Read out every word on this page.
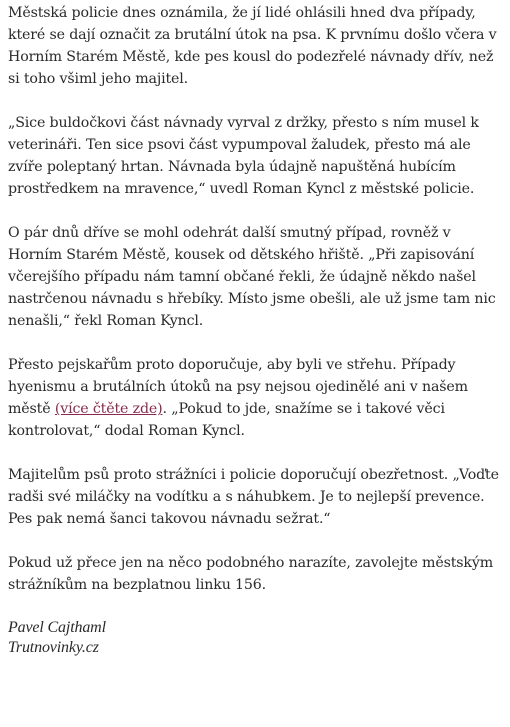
Městská policie dnes oznámila, že jí lidé ohlásili hned dva případy, které se dají označit za brutální útok na psa. K prvnímu došlo včera v Horním Starém Městě, kde pes kousl do podezřelé návnady dřív, než si toho všiml jeho majitel.

„Sice buldočkovi část návnady vyrval z držky, přesto s ním musel k veterináři. Ten sice psovi část vypumpoval žaludek, přesto má ale zvíře poleptaný hrtan. Návnada byla údajně napuštěná hubícím prostředkem na mravence,“ uvedl Roman Kyncl z městské policie.

O pár dnů dříve se mohl odehrát další smutný případ, rovněž v Horním Starém Městě, kousek od dětského hřiště. „Při zapisování včerejšího případu nám tamní občané řekli, že údajně někdo našel nastrčenou návnadu s hřebíky. Místo jsme obešli, ale už jsme tam nic nenašli,“ řekl Roman Kyncl.

Přesto pejskařům proto doporučuje, aby byli ve střehu. Případy hyenismu a brutálních útoků na psy nejsou ojedinělé ani v našem městě (více čtěte zde). „Pokud to jde, snažíme se i takové věci kontrolovat,“ dodal Roman Kyncl.

Majitelům psů proto strážníci i policie doporučují obezřetnost. „Voďte radši své miláčky na vodítku a s náhubkem. Je to nejlepší prevence. Pes pak nemá šanci takovou návnadu sežrat.“

Pokud už přece jen na něco podobného narazíte, zavolejte městským strážníkům na bezplatnou linku 156.

Pavel Cajthaml
Trutnovinky.cz
